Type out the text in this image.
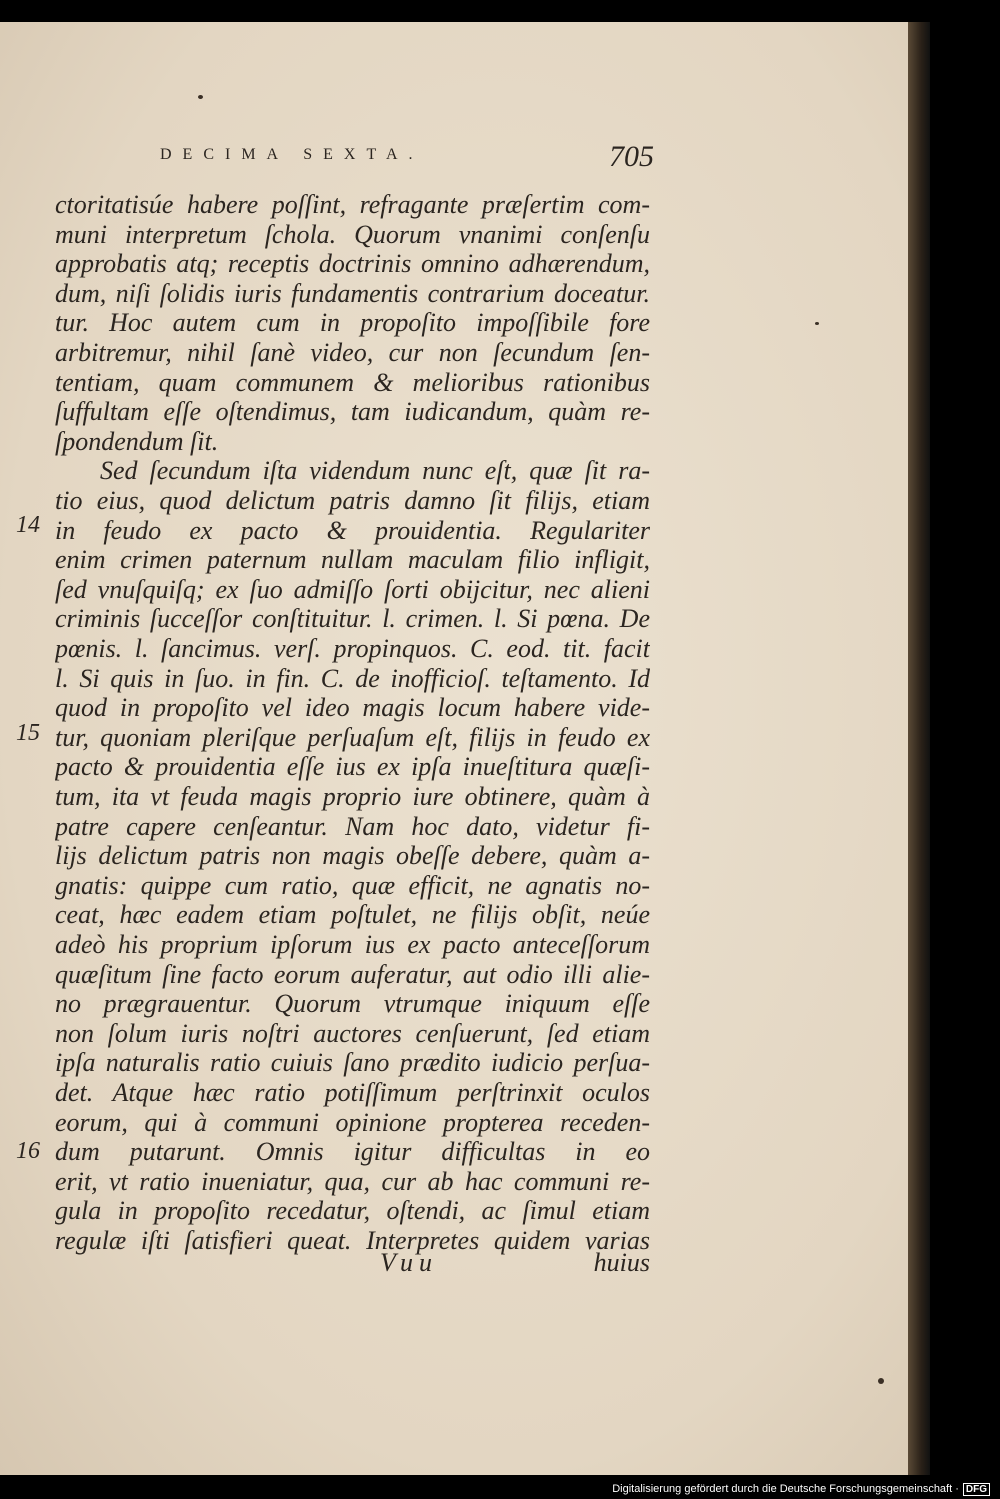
DECIMA SEXTA.	705
ctoritatisúe habere poſſint, refragante præſertim com-
muni interpretum ſchola. Quorum vnanimi conſenſu
approbatis atq; receptis doctrinis omnino adhærendum,
dum, niſi ſolidis iuris fundamentis contrarium doceatur.
tur. Hoc autem cum in propoſito impoſſibile fore
arbitremur, nihil ſanè video, cur non ſecundum ſen-
tentiam, quam communem & melioribus rationibus
ſuffultam eſſe oſtendimus, tam iudicandum, quàm re-
ſpondendum ſit.
Sed ſecundum iſta videndum nunc eſt, quæ ſit ra-
tio eius, quod delictum patris damno ſit filijs, etiam
in feudo ex pacto & prouidentia. Regulariter
enim crimen paternum nullam maculam filio infligit,
ſed vnuſquiſq; ex ſuo admiſſo ſorti obijcitur, nec alieni
criminis ſucceſſor conſtituitur. l. crimen. l. Si pœna. De
pœnis. l. ſancimus. verſ. propinquos. C. eod. tit. facit
l. Si quis in ſuo. in fin. C. de inoffіcioſ. teſtamento. Id
quod in propoſito vel ideo magis locum habere vide-
tur, quoniam pleriſque perſuaſum eſt, filijs in feudo ex
pacto & prouidentia eſſe ius ex ipſa inueſtitura quæſi-
tum, ita vt feuda magis proprio iure obtinere, quàm à
patre capere cenſeantur. Nam hoc dato, videtur fi-
lijs delictum patris non magis obeſſe debere, quàm a-
gnatis: quippe cum ratio, quæ efficit, ne agnatis no-
ceat, hæc eadem etiam poſtulet, ne filijs obſit, neúe
adeò his proprium ipſorum ius ex pacto anteceſſorum
quæſitum ſine facto eorum auferatur, aut odio illi alie-
no prægrauentur. Quorum vtrumque iniquum eſſe
non ſolum iuris noſtri auctores cenſuerunt, ſed etiam
ipſa naturalis ratio cuiuis ſano prædito iudicio perſua-
det. Atque hæc ratio potiſſimum perſtrinxit oculos
eorum, qui à communi opinione propterea receden-
dum putarunt. Omnis igitur difficultas in eo
erit, vt ratio inueniatur, qua, cur ab hac communi re-
gula in propoſito recedatur, oſtendi, ac ſimul etiam
regulæ iſti ſatisfieri queat. Interpretes quidem varias
14
15
16
Vuu	huius
Digitalisierung gefördert durch die Deutsche Forschungsgemeinschaft · DFG
